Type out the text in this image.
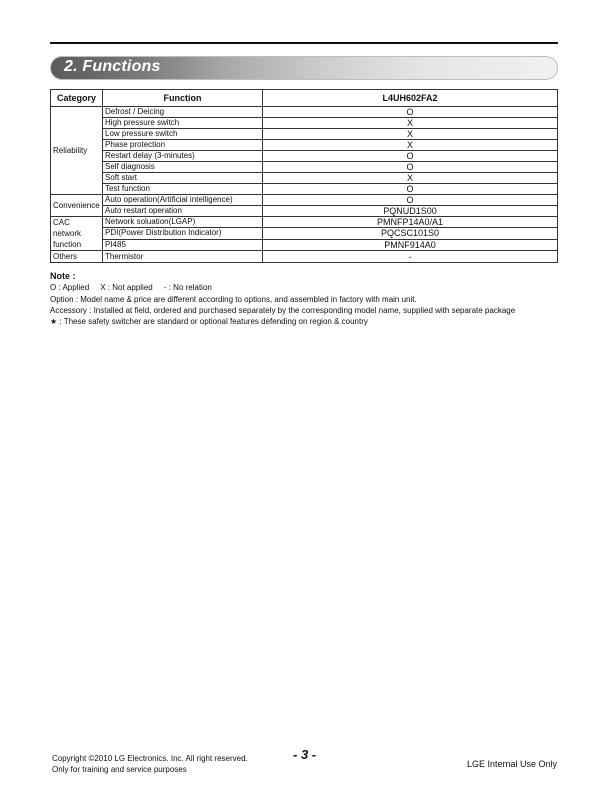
2. Functions
Category	Function	L4UH602FA2
Reliability	Defrost / Deicing	O
	High pressure switch	X
	Low pressure switch	X
	Phase protection	X
	Restart delay (3-minutes)	O
	Self diagnosis	O
	Soft start	X
	Test function	O
Convenience	Auto operation(Artificial intelligence)	O
	Auto restart operation	PQNUD1S00
CAC network function	Network soluation(LGAP)	PMNFP14A0/A1
	PDI(Power Distribution Indicator)	PQCSC101S0
	PI485	PMNF914A0
Others	Thermistor	-
Note :
O : Applied     X : Not applied     - : No relation
Option : Model name & price are different according to options, and assembled in factory with main unit.
Accessory : Installed at field, ordered and purchased separately by the corresponding model name, supplied with separate package
★ : These safety switcher are standard or optional features defending on region & country
Copyright ©2010 LG Electronics. Inc. All right reserved.
Only for training and service purposes
- 3 -
LGE Internal Use Only
